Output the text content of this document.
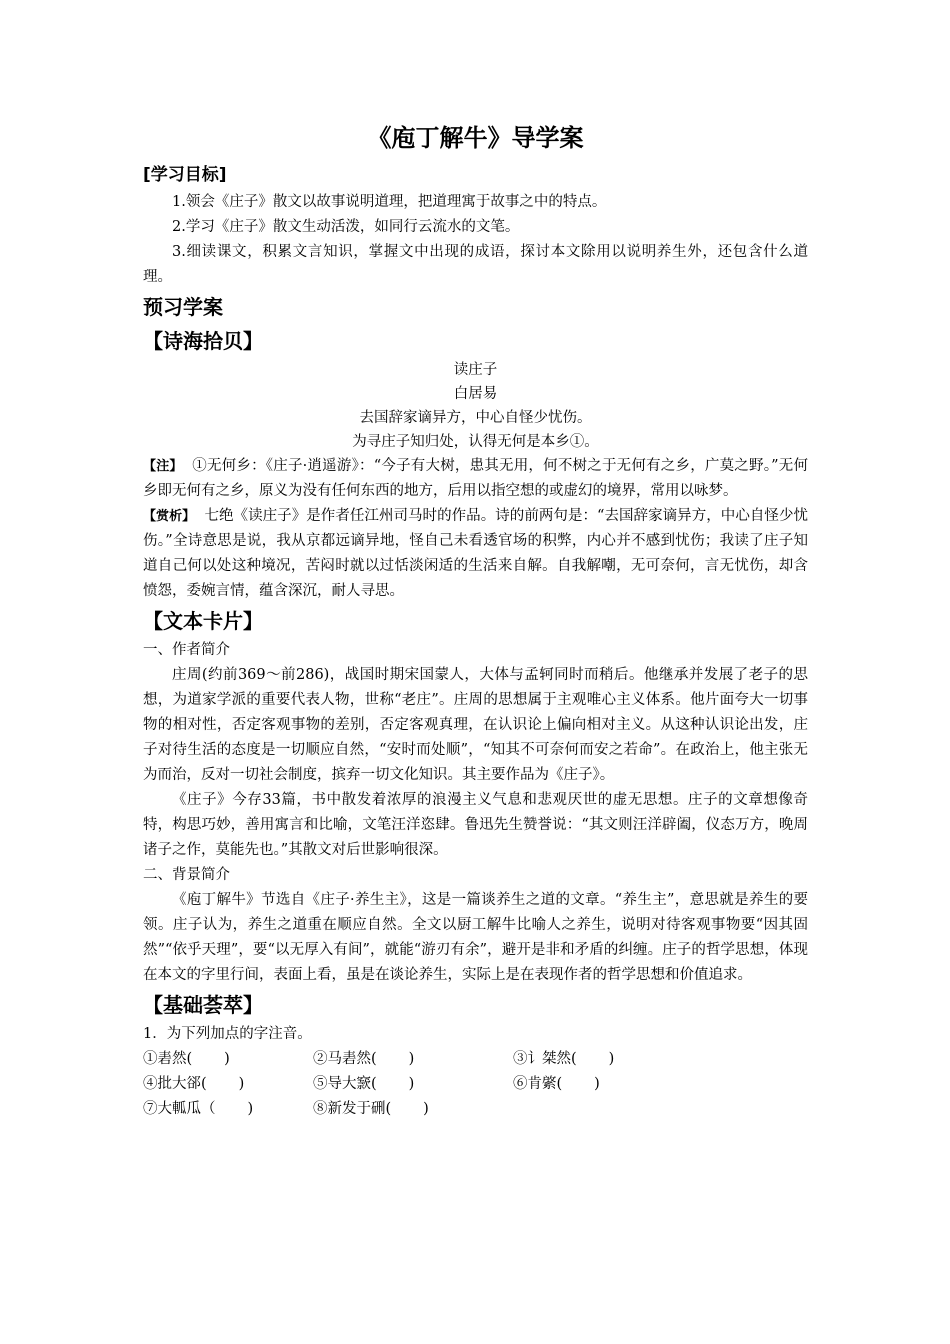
《庖丁解牛》导学案
[学习目标]

1.领会《庄子》散文以故事说明道理，把道理寓于故事之中的特点。

2.学习《庄子》散文生动活泼，如同行云流水的文笔。

3.细读课文，积累文言知识，掌握文中出现的成语，探讨本文除用以说明养生外，还包含什么道理。

预习学案
【诗海拾贝】
读庄子
白居易
去国辞家谪异方，中心自怪少忧伤。
为寻庄子知归处，认得无何是本乡①。

【注】 ①无何乡：《庄子·逍遥游》：“今子有大树，患其无用，何不树之于无何有之乡，广莫之野。”无何乡即无何有之乡，原义为没有任何东西的地方，后用以指空想的或虚幻的境界，常用以咏梦。

【赏析】 七绝《读庄子》是作者任江州司马时的作品。诗的前两句是：“去国辞家谪异方，中心自怪少忧伤。”全诗意思是说，我从京都远谪异地，怪自己未看透官场的积弊，内心并不感到忧伤；我读了庄子知道自己何以处这种境况，苦闷时就以过恬淡闲适的生活来自解。自我解嘲，无可奈何，言无忧伤，却含愤怨，委婉言情，蕴含深沉，耐人寻思。

【文本卡片】

一、作者简介

庄周(约前369～前286)，战国时期宋国蒙人，大体与孟轲同时而稍后。他继承并发展了老子的思想，为道家学派的重要代表人物，世称“老庄”。庄周的思想属于主观唯心主义体系。他片面夸大一切事物的相对性，否定客观事物的差别，否定客观真理，在认识论上偏向相对主义。从这种认识论出发，庄子对待生活的态度是一切顺应自然，“安时而处顺”，“知其不可奈何而安之若命”。在政治上，他主张无为而治，反对一切社会制度，摈弃一切文化知识。其主要作品为《庄子》。

《庄子》今存33篇，书中散发着浓厚的浪漫主义气息和悲观厌世的虚无思想。庄子的文章想像奇特，构思巧妙，善用寓言和比喻，文笔汪洋恣肆。鲁迅先生赞誉说：“其文则汪洋辟阖，仪态万方，晚周诸子之作，莫能先也。”其散文对后世影响很深。

二、背景简介

《庖丁解牛》节选自《庄子·养生主》，这是一篇谈养生之道的文章。“养生主”，意思就是养生的要领。庄子认为，养生之道重在顺应自然。全文以厨工解牛比喻人之养生，说明对待客观事物要“因其固然”“依乎天理”，要“以无厚入有间”，就能“游刃有余”，避开是非和矛盾的纠缠。庄子的哲学思想，体现在本文的字里行间，表面上看，虽是在谈论养生，实际上是在表现作者的哲学思想和价值追求。

【基础荟萃】

1．为下列加点的字注音。

①砉然( )	②马砉然( )	③讠桀然( )
④批大郤( )	⑤导大窾( )	⑥肯綮( )
⑦大軱瓜（ )	⑧新发于硎( )
